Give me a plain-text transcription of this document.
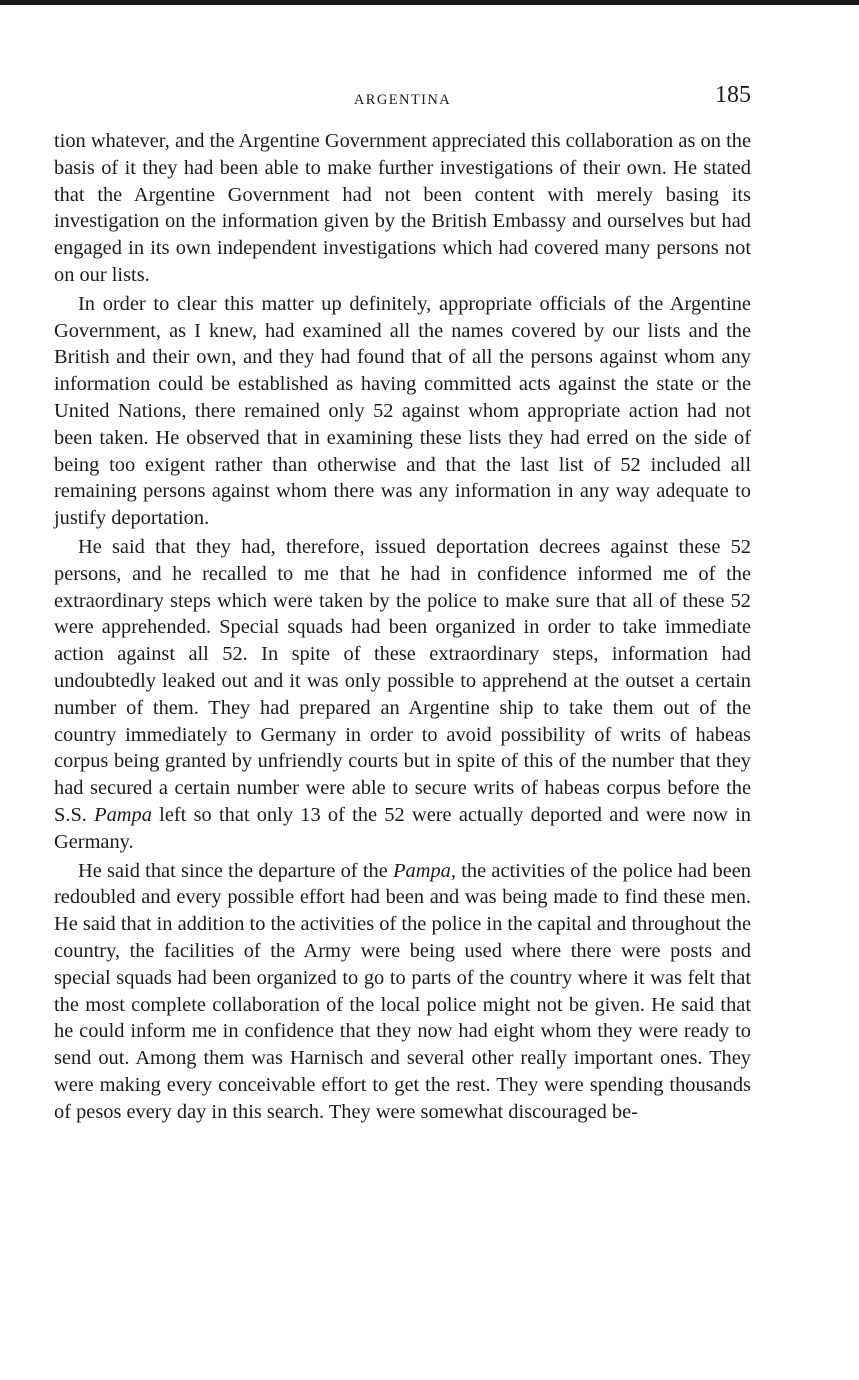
ARGENTINA	185

tion whatever, and the Argentine Government appreciated this collaboration as on the basis of it they had been able to make further investigations of their own. He stated that the Argentine Government had not been content with merely basing its investigation on the information given by the British Embassy and ourselves but had engaged in its own independent investigations which had covered many persons not on our lists.

In order to clear this matter up definitely, appropriate officials of the Argentine Government, as I knew, had examined all the names covered by our lists and the British and their own, and they had found that of all the persons against whom any information could be established as having committed acts against the state or the United Nations, there remained only 52 against whom appropriate action had not been taken. He observed that in examining these lists they had erred on the side of being too exigent rather than otherwise and that the last list of 52 included all remaining persons against whom there was any information in any way adequate to justify deportation.

He said that they had, therefore, issued deportation decrees against these 52 persons, and he recalled to me that he had in confidence informed me of the extraordinary steps which were taken by the police to make sure that all of these 52 were apprehended. Special squads had been organized in order to take immediate action against all 52. In spite of these extraordinary steps, information had undoubtedly leaked out and it was only possible to apprehend at the outset a certain number of them. They had prepared an Argentine ship to take them out of the country immediately to Germany in order to avoid possibility of writs of habeas corpus being granted by unfriendly courts but in spite of this of the number that they had secured a certain number were able to secure writs of habeas corpus before the S.S. Pampa left so that only 13 of the 52 were actually deported and were now in Germany.

He said that since the departure of the Pampa, the activities of the police had been redoubled and every possible effort had been and was being made to find these men. He said that in addition to the activities of the police in the capital and throughout the country, the facilities of the Army were being used where there were posts and special squads had been organized to go to parts of the country where it was felt that the most complete collaboration of the local police might not be given. He said that he could inform me in confidence that they now had eight whom they were ready to send out. Among them was Harnisch and several other really important ones. They were making every conceivable effort to get the rest. They were spending thousands of pesos every day in this search. They were somewhat discouraged be-
